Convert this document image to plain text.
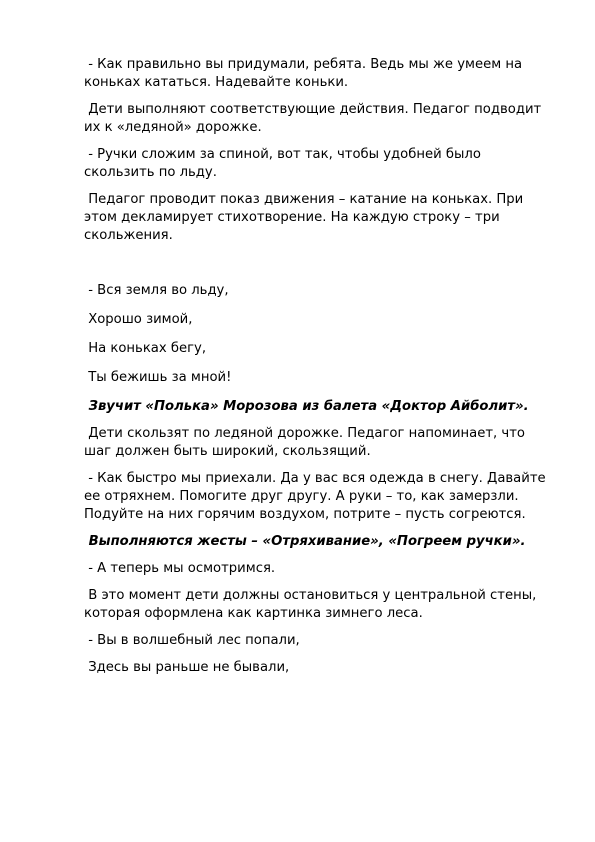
- Как правильно вы придумали, ребята. Ведь мы же умеем на коньках кататься. Надевайте коньки.

Дети выполняют соответствующие действия. Педагог подводит их к «ледяной» дорожке.

- Ручки сложим за спиной, вот так, чтобы удобней было скользить по льду.

Педагог проводит показ движения – катание на коньках. При этом декламирует стихотворение. На каждую строку – три скольжения.

- Вся земля во льду,

Хорошо зимой,

На коньках бегу,

Ты бежишь за мной!

Звучит «Полька» Морозова из балета «Доктор Айболит».

Дети скользят по ледяной дорожке. Педагог напоминает, что шаг должен быть широкий, скользящий.

- Как быстро мы приехали. Да у вас вся одежда в снегу. Давайте ее отряхнем. Помогите друг другу. А руки – то, как замерзли. Подуйте на них горячим воздухом, потрите – пусть согреются.

Выполняются жесты – «Отряхивание», «Погреем ручки».

- А теперь мы осмотримся.

В это момент дети должны остановиться у центральной стены, которая оформлена как картинка зимнего леса.

- Вы в волшебный лес попали,

Здесь вы раньше не бывали,
